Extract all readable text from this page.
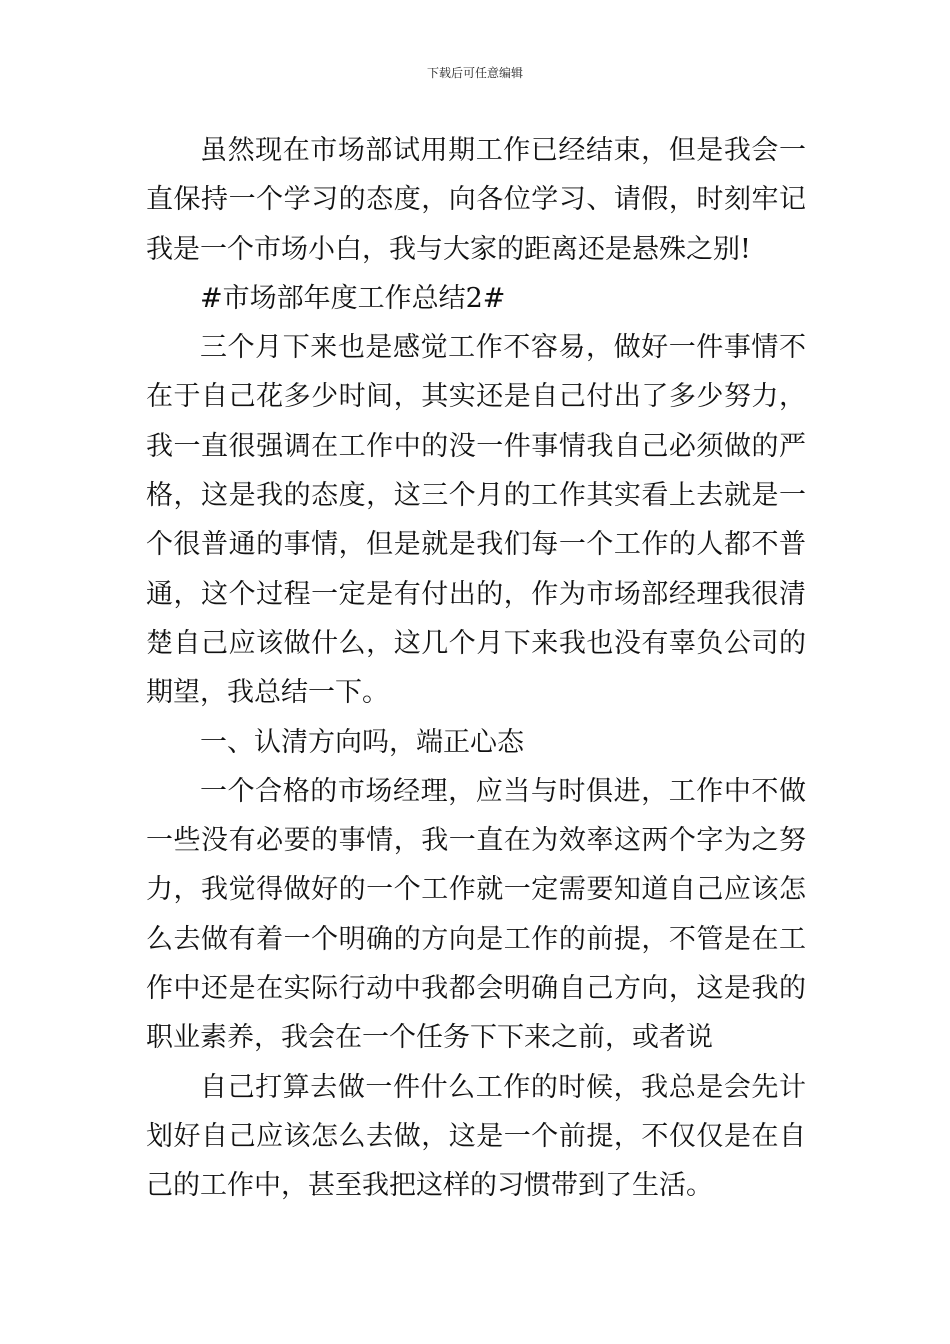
下载后可任意编辑

虽然现在市场部试用期工作已经结束，但是我会一直保持一个学习的态度，向各位学习、请假，时刻牢记我是一个市场小白，我与大家的距离还是悬殊之别!

#市场部年度工作总结2#

三个月下来也是感觉工作不容易，做好一件事情不在于自己花多少时间，其实还是自己付出了多少努力，我一直很强调在工作中的没一件事情我自己必须做的严格，这是我的态度，这三个月的工作其实看上去就是一个很普通的事情，但是就是我们每一个工作的人都不普通，这个过程一定是有付出的，作为市场部经理我很清楚自己应该做什么，这几个月下来我也没有辜负公司的期望，我总结一下。

一、认清方向吗，端正心态

一个合格的市场经理，应当与时俱进，工作中不做一些没有必要的事情，我一直在为效率这两个字为之努力，我觉得做好的一个工作就一定需要知道自己应该怎么去做有着一个明确的方向是工作的前提，不管是在工作中还是在实际行动中我都会明确自己方向，这是我的职业素养，我会在一个任务下下来之前，或者说

自己打算去做一件什么工作的时候，我总是会先计划好自己应该怎么去做，这是一个前提，不仅仅是在自己的工作中，甚至我把这样的习惯带到了生活。
